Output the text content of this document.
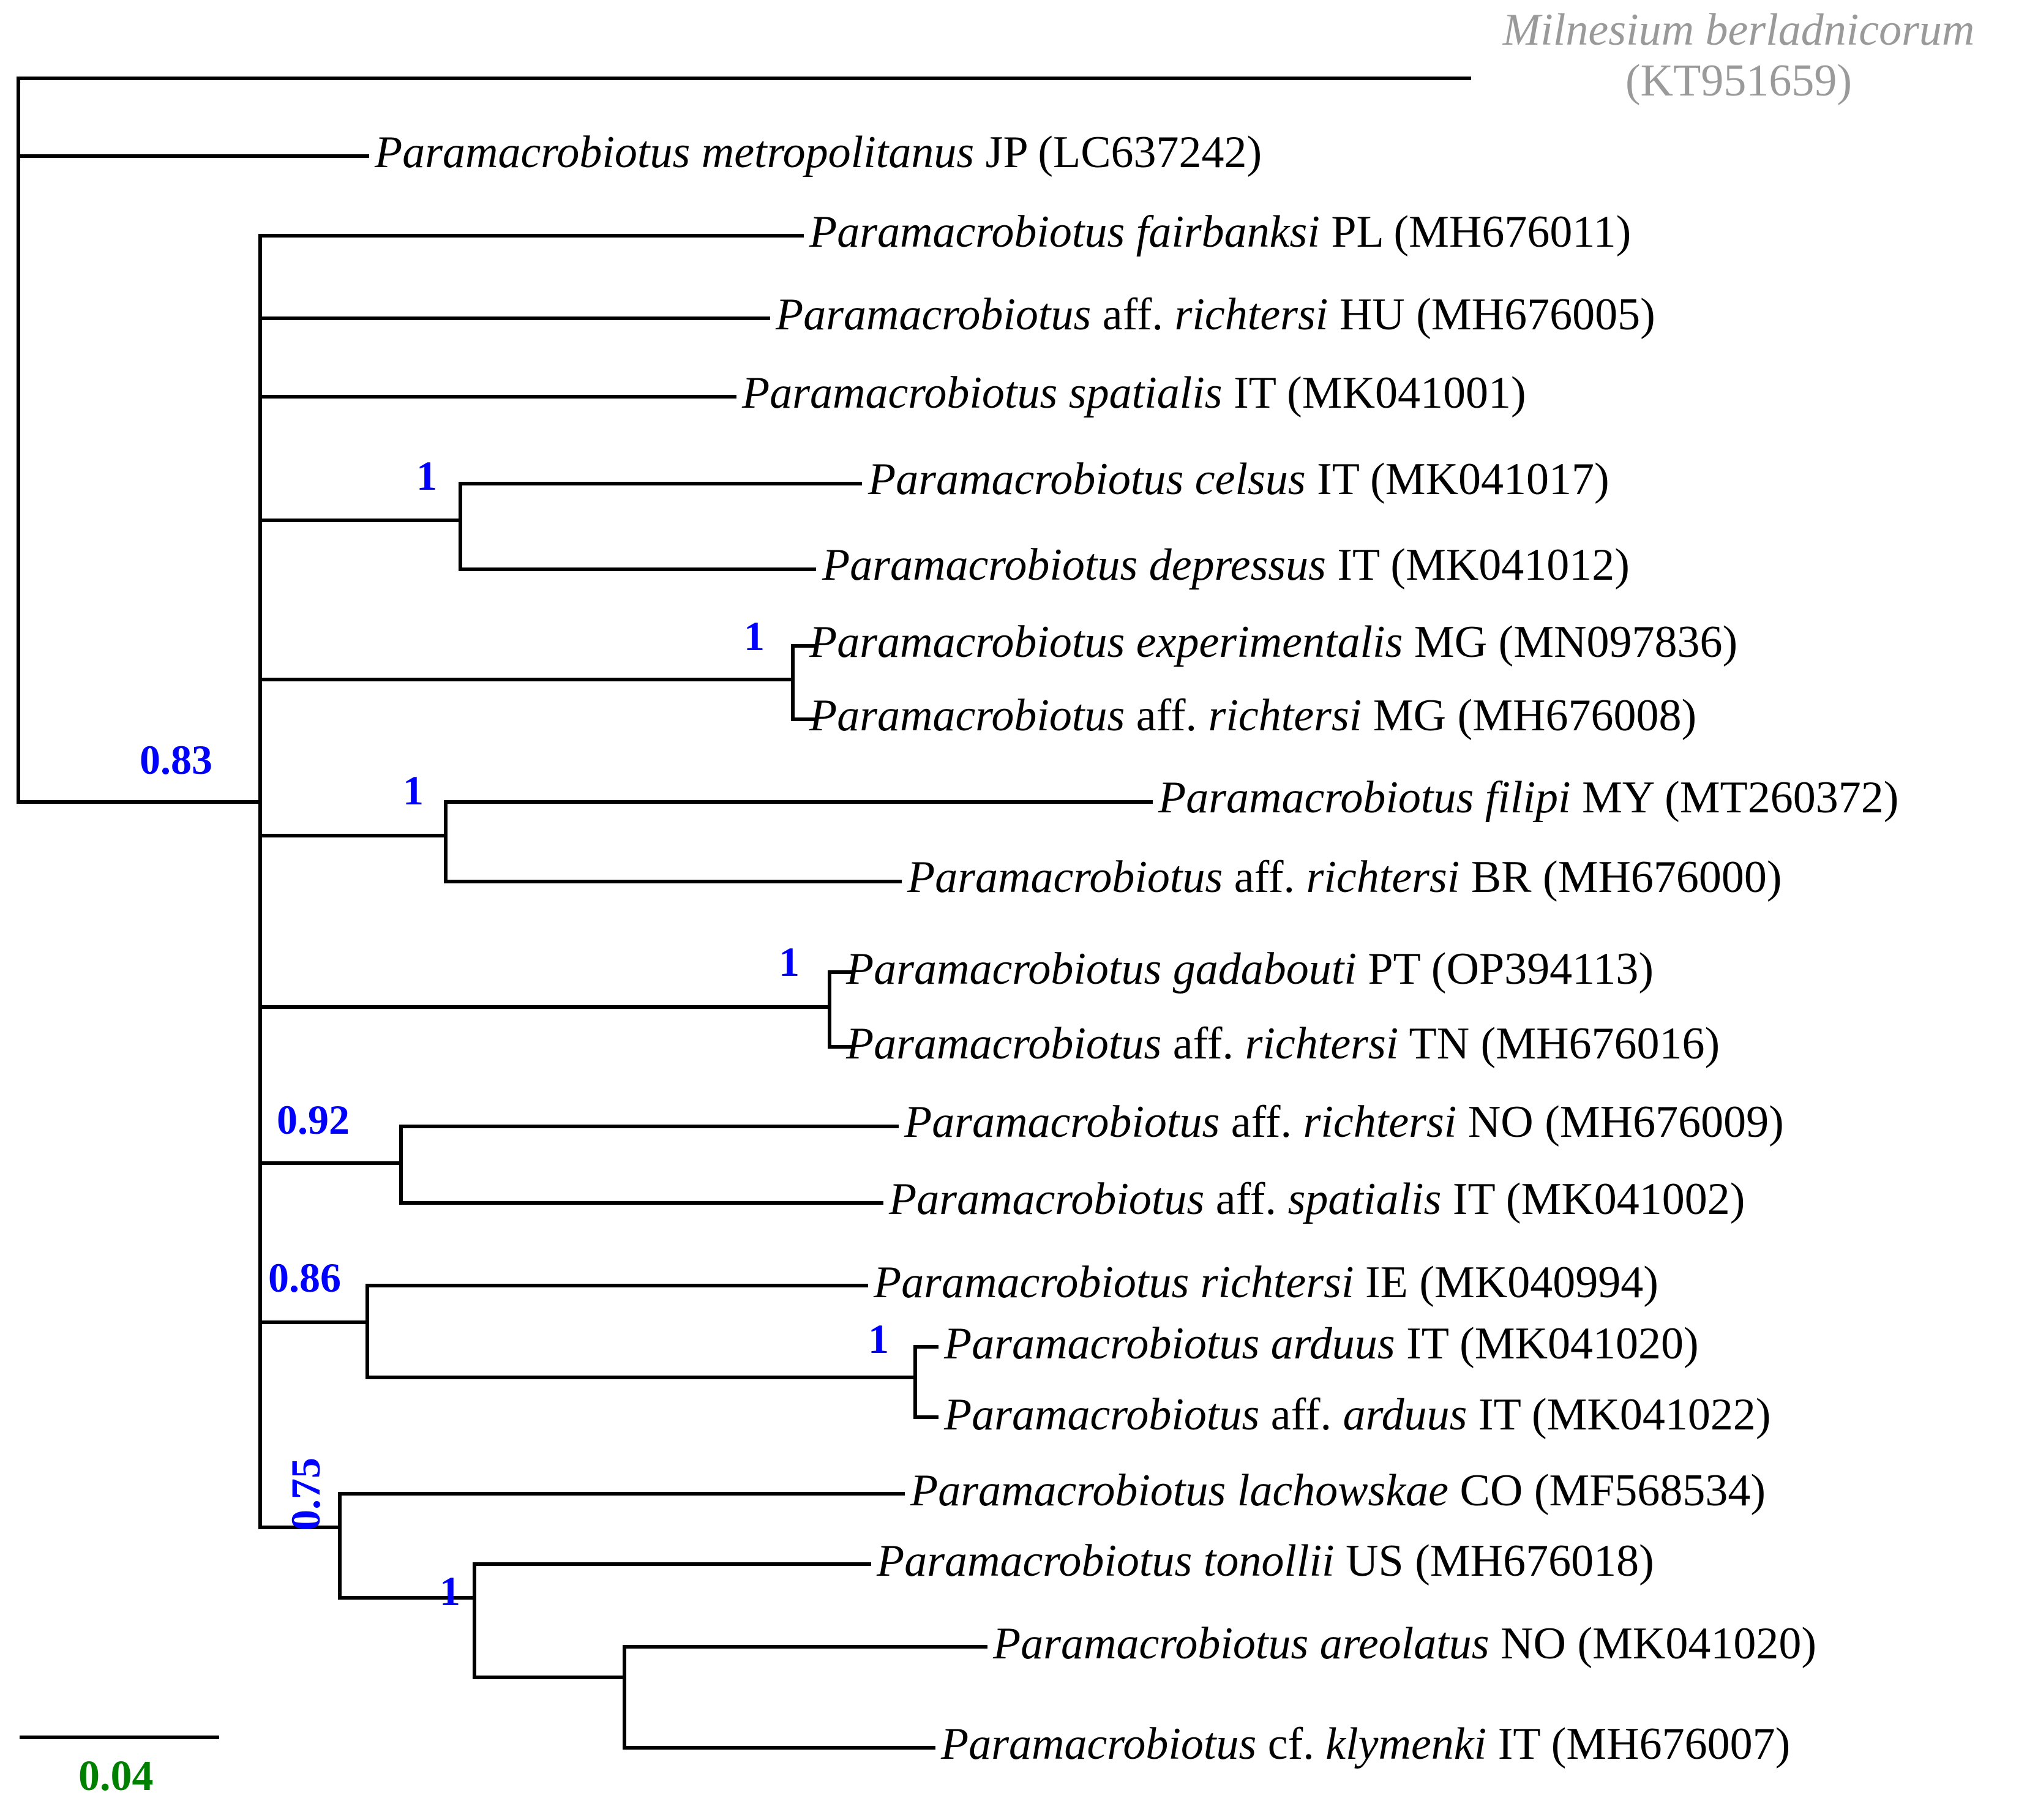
Milnesium berladnicorum
(KT951659)
Paramacrobiotus metropolitanus JP (LC637242)
Paramacrobiotus fairbanksi PL (MH676011)
Paramacrobiotus aff. richtersi HU (MH676005)
Paramacrobiotus spatialis IT (MK041001)
Paramacrobiotus celsus IT (MK041017)
Paramacrobiotus depressus IT (MK041012)
Paramacrobiotus experimentalis MG (MN097836)
Paramacrobiotus aff. richtersi MG (MH676008)
Paramacrobiotus filipi MY (MT260372)
Paramacrobiotus aff. richtersi BR (MH676000)
Paramacrobiotus gadabouti PT (OP394113)
Paramacrobiotus aff. richtersi TN (MH676016)
Paramacrobiotus aff. richtersi NO (MH676009)
Paramacrobiotus aff. spatialis IT (MK041002)
Paramacrobiotus richtersi IE (MK040994)
Paramacrobiotus arduus IT (MK041020)
Paramacrobiotus aff. arduus IT (MK041022)
Paramacrobiotus lachowskae CO (MF568534)
Paramacrobiotus tonollii US (MH676018)
Paramacrobiotus areolatus NO (MK041020)
Paramacrobiotus cf. klymenki IT (MH676007)
1
1
1
1
0.83
0.92
0.86
1
0.75
1
0.04
